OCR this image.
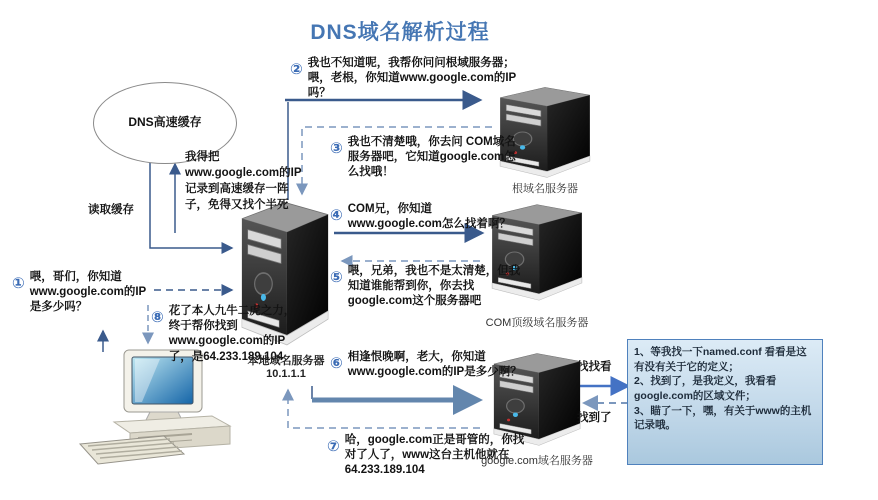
DNS域名解析过程
DNS高速缓存
我得把www.google.com的IP记录到高速缓存一阵子，免得又找个半死
读取缓存
① 喂，哥们，你知道www.google.com的IP是多少吗？
② 我也不知道呢，我帮你问问根域服务器；喂，老根，你知道www.google.com的IP吗？
③ 我也不清楚哦，你去问 COM域名服务器吧，它知道google.com怎么找哦！
④ COM兄，你知道www.google.com怎么找着啊？
⑤ 喂，兄弟，我也不是太清楚，但我知道谁能帮到你，你去找google.com这个服务器吧
⑥ 相逢恨晚啊，老大，你知道www.google.com的IP是多少啊？
⑦ 哈，google.com正是哥管的，你找对了人了，www这台主机他就在64.233.189.104
⑧ 花了本人九牛二虎之力，终于帮你找到www.google.com的IP了，是64.233.189.104
本地域名服务器
10.1.1.1
根域名服务器
COM顶级域名服务器
google.com域名服务器
找找看
找到了
1、等我找一下named.conf 看看是这有没有关于它的定义；
2、找到了，是我定义，我看看google.com的区域文件；
3、瞄了一下，嘿，有关于www的主机记录哦。
